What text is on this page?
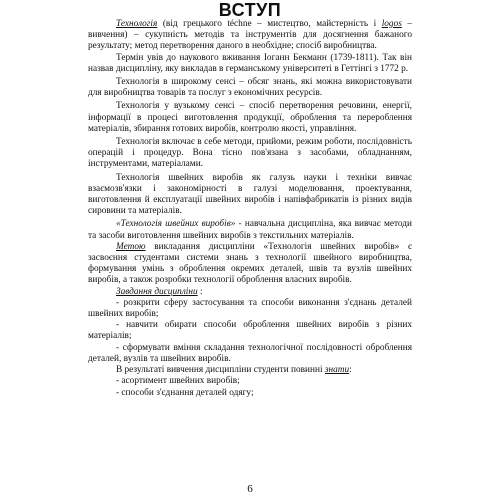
ВСТУП

Технологія (від грецького téchne – мистецтво, майстерність і logos – вивчення) – сукупність методів та інструментів для досягнення бажаного результату; метод перетворення даного в необхідне; спосіб виробництва.

Термін увів до наукового вживання Іоганн Бекманн (1739-1811). Так він назвав дисципліну, яку викладав в германському університеті в Геттінгі з 1772 р.

Технологія в широкому сенсі – обсяг знань, які можна використовувати для виробництва товарів та послуг з економічних ресурсів.

Технологія у вузькому сенсі – спосіб перетворення речовини, енергії, інформації в процесі виготовлення продукції, оброблення та перероблення матеріалів, збирання готових виробів, контролю якості, управління.

Технологія включає в себе методи, прийоми, режим роботи, послідовність операцій і процедур. Вона тісно пов'язана з засобами, обладнанням, інструментами, матеріалами.

Технологія швейних виробів як галузь науки і техніки вивчає взаємозв'язки і закономірності в галузі моделювання, проектування, виготовлення й експлуатації швейних виробів і напівфабрикатів із різних видів сировини та матеріалів.

«Технологія швейних виробів» - навчальна дисципліна, яка вивчає методи та засоби виготовлення швейних виробів з текстильних матеріалів.

Метою викладання дисципліни «Технологія швейних виробів» є засвоєння студентами системи знань з технології швейного виробництва, формування умінь з оброблення окремих деталей, швів та вузлів швейних виробів, а також розробки технології оброблення власних виробів.

Завдання дисципліни :

- розкрити сферу застосування та способи виконання з'єднань деталей швейних виробів;

- навчити обирати способи оброблення швейних виробів з різних матеріалів;

- сформувати вміння складання технологічної послідовності оброблення деталей, вузлів та швейних виробів.

В результаті вивчення дисципліни студенти повинні знати:

- асортимент швейних виробів;

- способи з'єднання деталей одягу;

6
